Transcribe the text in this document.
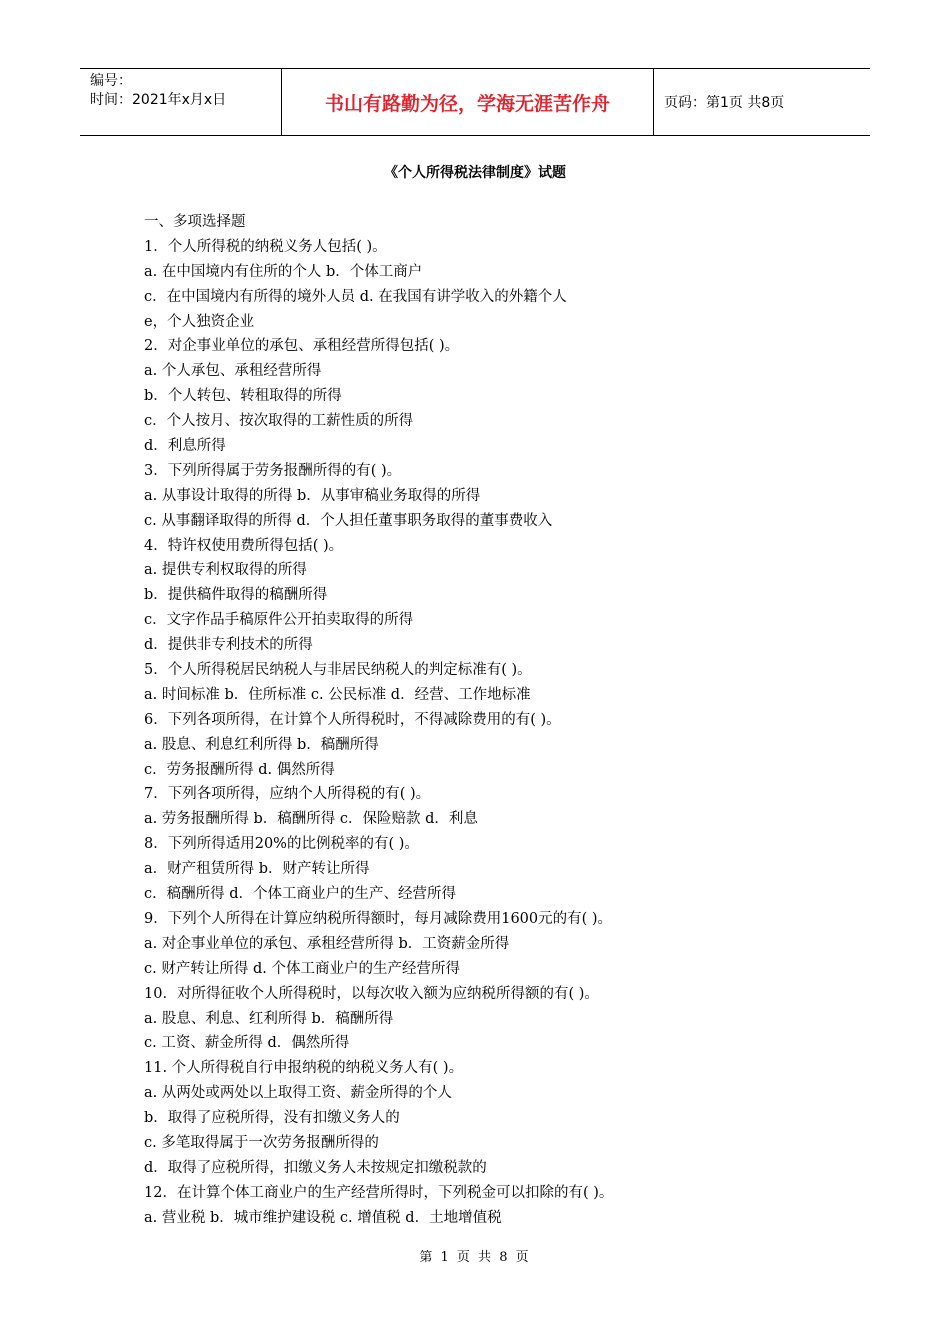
编号：
时间：2021年x月x日	书山有路勤为径，学海无涯苦作舟	页码：第1页 共8页
《个人所得税法律制度》试题
一、多项选择题
1．个人所得税的纳税义务人包括( )。
a. 在中国境内有住所的个人 b．个体工商户
c．在中国境内有所得的境外人员 d. 在我国有讲学收入的外籍个人
e，个人独资企业
2．对企事业单位的承包、承租经营所得包括( )。
a. 个人承包、承租经营所得
b．个人转包、转租取得的所得
c．个人按月、按次取得的工薪性质的所得
d．利息所得
3．下列所得属于劳务报酬所得的有( )。
a. 从事设计取得的所得 b．从事审稿业务取得的所得
c. 从事翻译取得的所得 d．个人担任董事职务取得的董事费收入
4．特许权使用费所得包括( )。
a. 提供专利权取得的所得
b．提供稿件取得的稿酬所得
c．文字作品手稿原件公开拍卖取得的所得
d．提供非专利技术的所得
5．个人所得税居民纳税人与非居民纳税人的判定标准有( )。
a. 时间标准 b．住所标准 c. 公民标准 d．经营、工作地标准
6．下列各项所得，在计算个人所得税时，不得减除费用的有( )。
a. 股息、利息红利所得 b．稿酬所得
c．劳务报酬所得 d. 偶然所得
7．下列各项所得，应纳个人所得税的有( )。
a. 劳务报酬所得 b．稿酬所得 c．保险赔款 d．利息
8．下列所得适用20%的比例税率的有( )。
a．财产租赁所得 b．财产转让所得
c．稿酬所得 d．个体工商业户的生产、经营所得
9．下列个人所得在计算应纳税所得额时，每月减除费用1600元的有( )。
a. 对企事业单位的承包、承租经营所得 b．工资薪金所得
c. 财产转让所得 d. 个体工商业户的生产经营所得
10．对所得征收个人所得税时，以每次收入额为应纳税所得额的有( )。
a. 股息、利息、红利所得 b．稿酬所得
c. 工资、薪金所得 d．偶然所得
11. 个人所得税自行申报纳税的纳税义务人有( )。
a. 从两处或两处以上取得工资、薪金所得的个人
b．取得了应税所得，没有扣缴义务人的
c. 多笔取得属于一次劳务报酬所得的
d．取得了应税所得，扣缴义务人未按规定扣缴税款的
12．在计算个体工商业户的生产经营所得时，下列税金可以扣除的有( )。
a. 营业税 b．城市维护建设税 c. 增值税 d．土地增值税
第 1 页 共 8 页
